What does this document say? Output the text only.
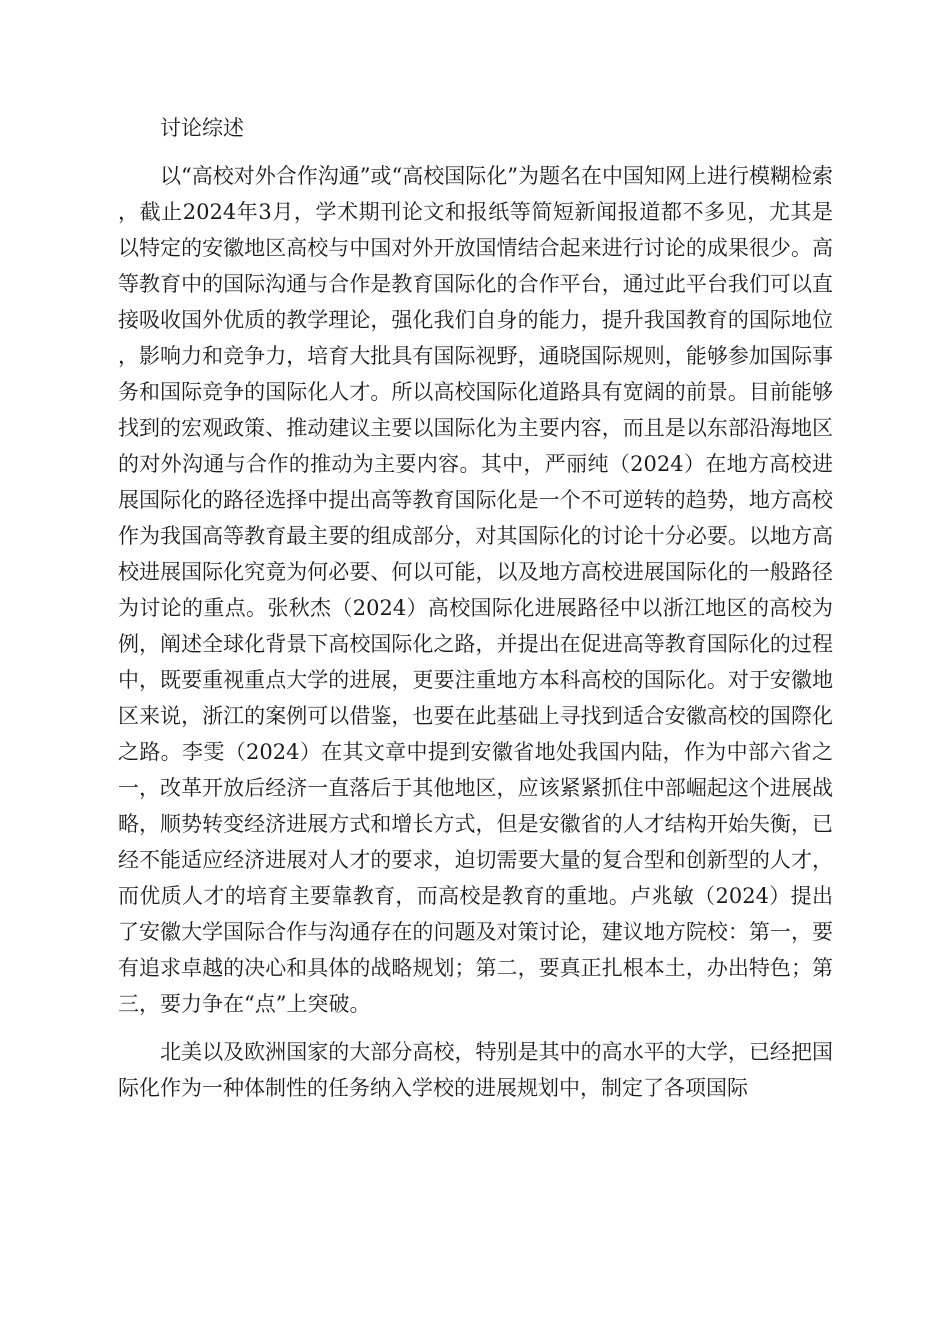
讨论综述

以“高校对外合作沟通”或“高校国际化”为题名在中国知网上进行模糊检索，截止2024年3月，学术期刊论文和报纸等简短新闻报道都不多见，尤其是以特定的安徽地区高校与中国对外开放国情结合起来进行讨论的成果很少。高等教育中的国际沟通与合作是教育国际化的合作平台，通过此平台我们可以直接吸收国外优质的教学理论，强化我们自身的能力，提升我国教育的国际地位，影响力和竞争力，培育大批具有国际视野，通晓国际规则，能够参加国际事务和国际竞争的国际化人才。所以高校国际化道路具有宽阔的前景。目前能够找到的宏观政策、推动建议主要以国际化为主要内容，而且是以东部沿海地区的对外沟通与合作的推动为主要内容。其中，严丽纯（2024）在地方高校进展国际化的路径选择中提出高等教育国际化是一个不可逆转的趋势，地方高校作为我国高等教育最主要的组成部分，对其国际化的讨论十分必要。以地方高校进展国际化究竟为何必要、何以可能，以及地方高校进展国际化的一般路径为讨论的重点。张秋杰（2024）高校国际化进展路径中以浙江地区的高校为例，阐述全球化背景下高校国际化之路，并提出在促进高等教育国际化的过程中，既要重视重点大学的进展，更要注重地方本科高校的国际化。对于安徽地区来说，浙江的案例可以借鉴，也要在此基础上寻找到适合安徽高校的国際化之路。李雯（2024）在其文章中提到安徽省地处我国内陆，作为中部六省之一，改革开放后经济一直落后于其他地区，应该紧紧抓住中部崛起这个进展战略，顺势转变经济进展方式和增长方式，但是安徽省的人才结构开始失衡，已经不能适应经济进展对人才的要求，迫切需要大量的复合型和创新型的人才，而优质人才的培育主要靠教育，而高校是教育的重地。卢兆敏（2024）提出了安徽大学国际合作与沟通存在的问题及对策讨论，建议地方院校：第一，要有追求卓越的决心和具体的战略规划；第二，要真正扎根本土，办出特色；第三，要力争在“点”上突破。

北美以及欧洲国家的大部分高校，特别是其中的高水平的大学，已经把国际化作为一种体制性的任务纳入学校的进展规划中，制定了各项国际
